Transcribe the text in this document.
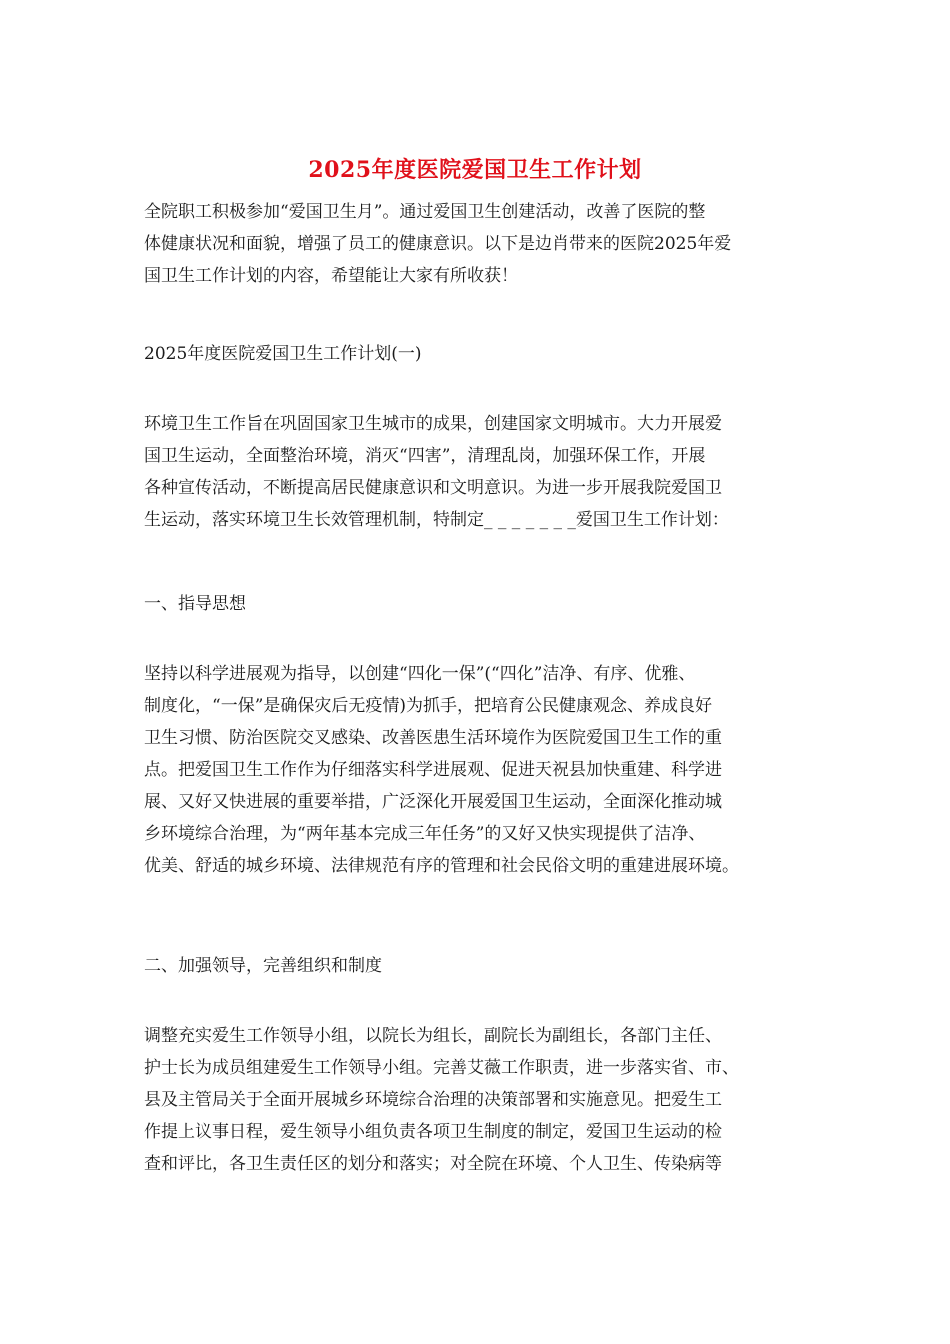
2025年度医院爱国卫生工作计划
全院职工积极参加“爱国卫生月”。通过爱国卫生创建活动，改善了医院的整
体健康状况和面貌，增强了员工的健康意识。以下是边肖带来的医院2025年爱
国卫生工作计划的内容，希望能让大家有所收获！
2025年度医院爱国卫生工作计划(一)
环境卫生工作旨在巩固国家卫生城市的成果，创建国家文明城市。大力开展爱
国卫生运动，全面整治环境，消灭“四害”，清理乱岗，加强环保工作，开展
各种宣传活动，不断提高居民健康意识和文明意识。为进一步开展我院爱国卫
生运动，落实环境卫生长效管理机制，特制定_ _ _ _ _ _ _爱国卫生工作计划：
一、指导思想
坚持以科学进展观为指导，以创建“四化一保”(“四化”洁净、有序、优雅、
制度化，“一保”是确保灾后无疫情)为抓手，把培育公民健康观念、养成良好
卫生习惯、防治医院交叉感染、改善医患生活环境作为医院爱国卫生工作的重
点。把爱国卫生工作作为仔细落实科学进展观、促进天祝县加快重建、科学进
展、又好又快进展的重要举措，广泛深化开展爱国卫生运动，全面深化推动城
乡环境综合治理，为“两年基本完成三年任务”的又好又快实现提供了洁净、
优美、舒适的城乡环境、法律规范有序的管理和社会民俗文明的重建进展环境。
二、加强领导，完善组织和制度
调整充实爱生工作领导小组，以院长为组长，副院长为副组长，各部门主任、
护士长为成员组建爱生工作领导小组。完善艾薇工作职责，进一步落实省、市、
县及主管局关于全面开展城乡环境综合治理的决策部署和实施意见。把爱生工
作提上议事日程，爱生领导小组负责各项卫生制度的制定，爱国卫生运动的检
查和评比，各卫生责任区的划分和落实；对全院在环境、个人卫生、传染病等
